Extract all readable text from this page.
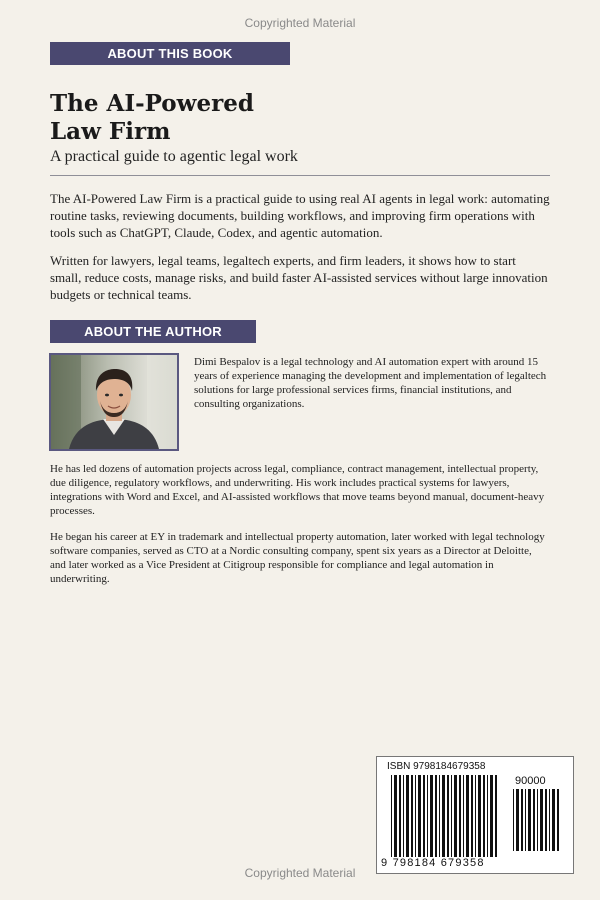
Copyrighted Material
ABOUT THIS BOOK
The AI-Powered
Law Firm
A practical guide to agentic legal work
The AI-Powered Law Firm is a practical guide to using real AI agents in legal work: automating routine tasks, reviewing documents, building workflows, and improving firm operations with tools such as ChatGPT, Claude, Codex, and agentic automation.
Written for lawyers, legal teams, legaltech experts, and firm leaders, it shows how to start small, reduce costs, manage risks, and build faster AI-assisted services without large innovation budgets or technical teams.
ABOUT THE AUTHOR
Dimi Bespalov is a legal technology and AI automation expert with around 15 years of experience managing the development and implementation of legaltech solutions for large professional services firms, financial institutions, and consulting organizations.
He has led dozens of automation projects across legal, compliance, contract management, intellectual property, due diligence, regulatory workflows, and underwriting. His work includes practical systems for lawyers, integrations with Word and Excel, and AI-assisted workflows that move teams beyond manual, document-heavy processes.
He began his career at EY in trademark and intellectual property automation, later worked with legal technology software companies, served as CTO at a Nordic consulting company, spent six years as a Director at Deloitte, and later worked as a Vice President at Citigroup responsible for compliance and legal automation in underwriting.
ISBN 9798184679358
90000
9 798184 679358
Copyrighted Material
